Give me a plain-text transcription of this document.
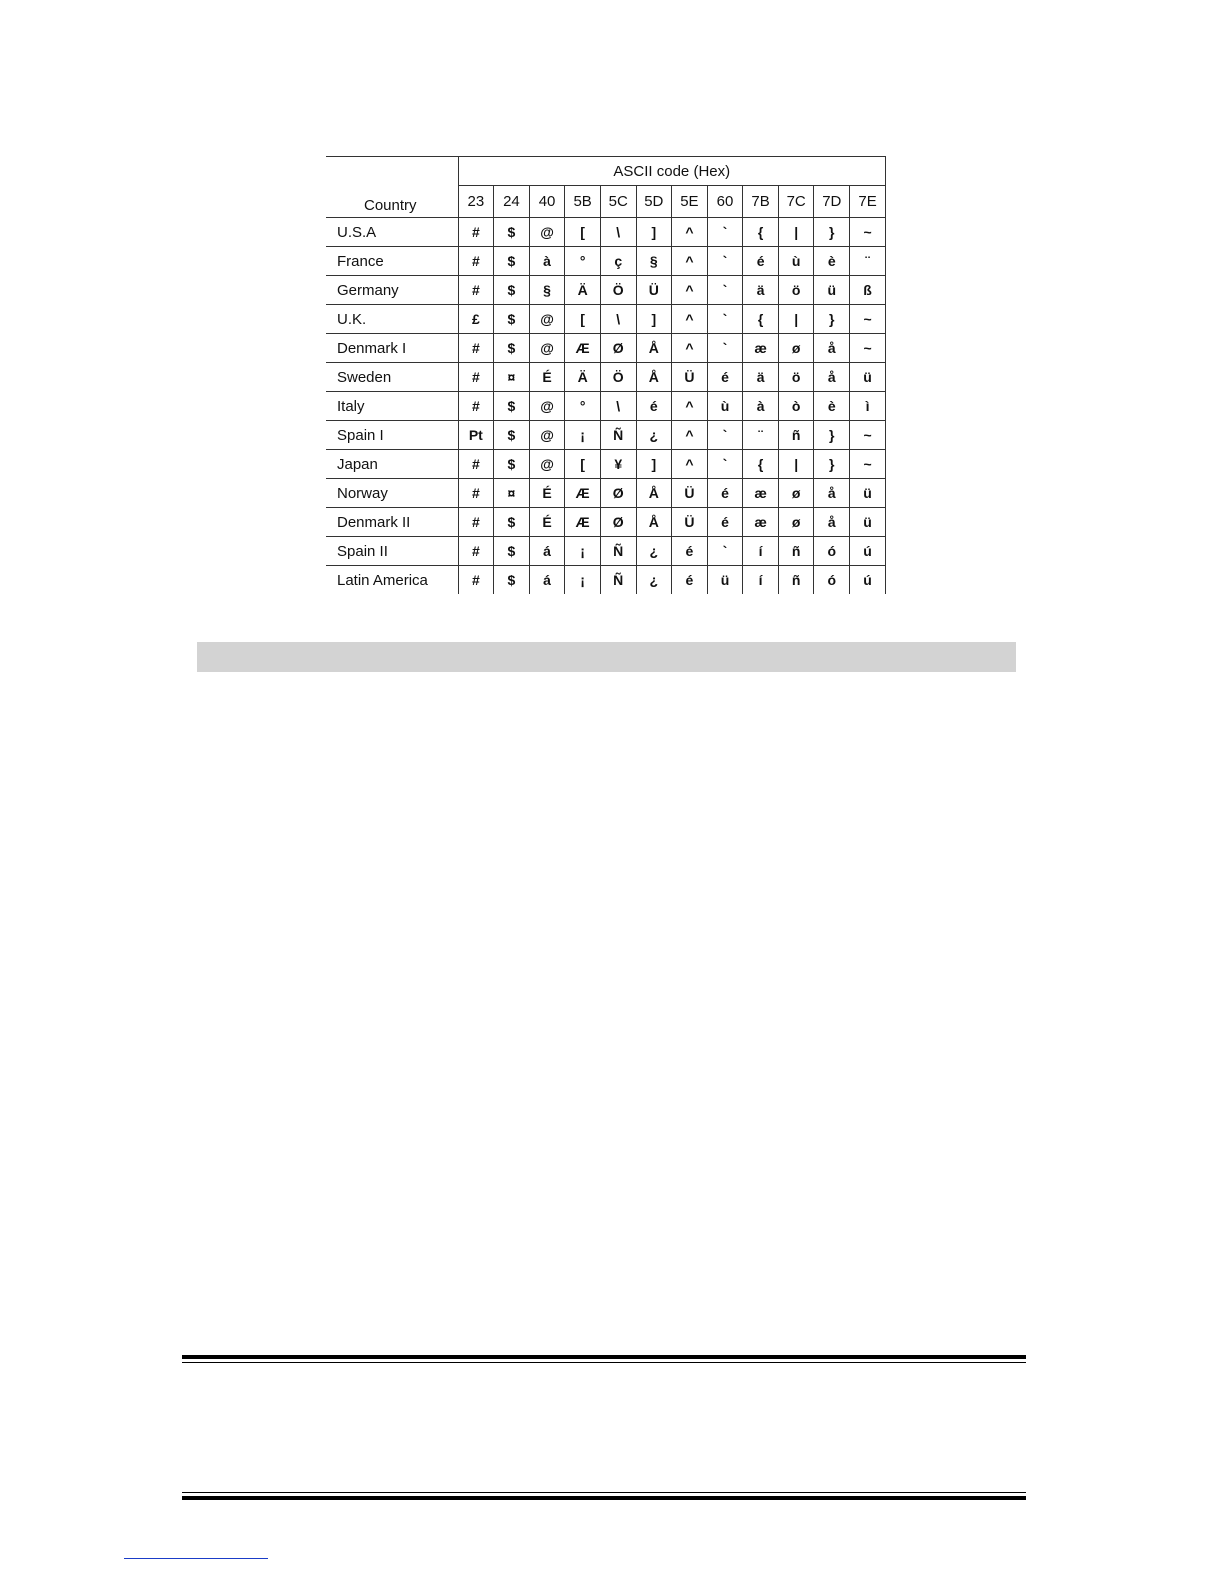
Country	ASCII code (Hex)											
	23	24	40	5B	5C	5D	5E	60	7B	7C	7D	7E
U.S.A	#	$	@	[	\	]	^	`	{	|	}	~
France	#	$	à	°	ç	§	^	`	é	ù	è	¨
Germany	#	$	§	Ä	Ö	Ü	^	`	ä	ö	ü	ß
U.K.	£	$	@	[	\	]	^	`	{	|	}	~
Denmark I	#	$	@	Æ	Ø	Å	^	`	æ	ø	å	~
Sweden	#	¤	É	Ä	Ö	Å	Ü	é	ä	ö	å	ü
Italy	#	$	@	°	\	é	^	ù	à	ò	è	ì
Spain I	Pt	$	@	¡	Ñ	¿	^	`	¨	ñ	}	~
Japan	#	$	@	[	¥	]	^	`	{	|	}	~
Norway	#	¤	É	Æ	Ø	Å	Ü	é	æ	ø	å	ü
Denmark II	#	$	É	Æ	Ø	Å	Ü	é	æ	ø	å	ü
Spain II	#	$	á	¡	Ñ	¿	é	`	í	ñ	ó	ú
Latin America	#	$	á	¡	Ñ	¿	é	ü	í	ñ	ó	ú
